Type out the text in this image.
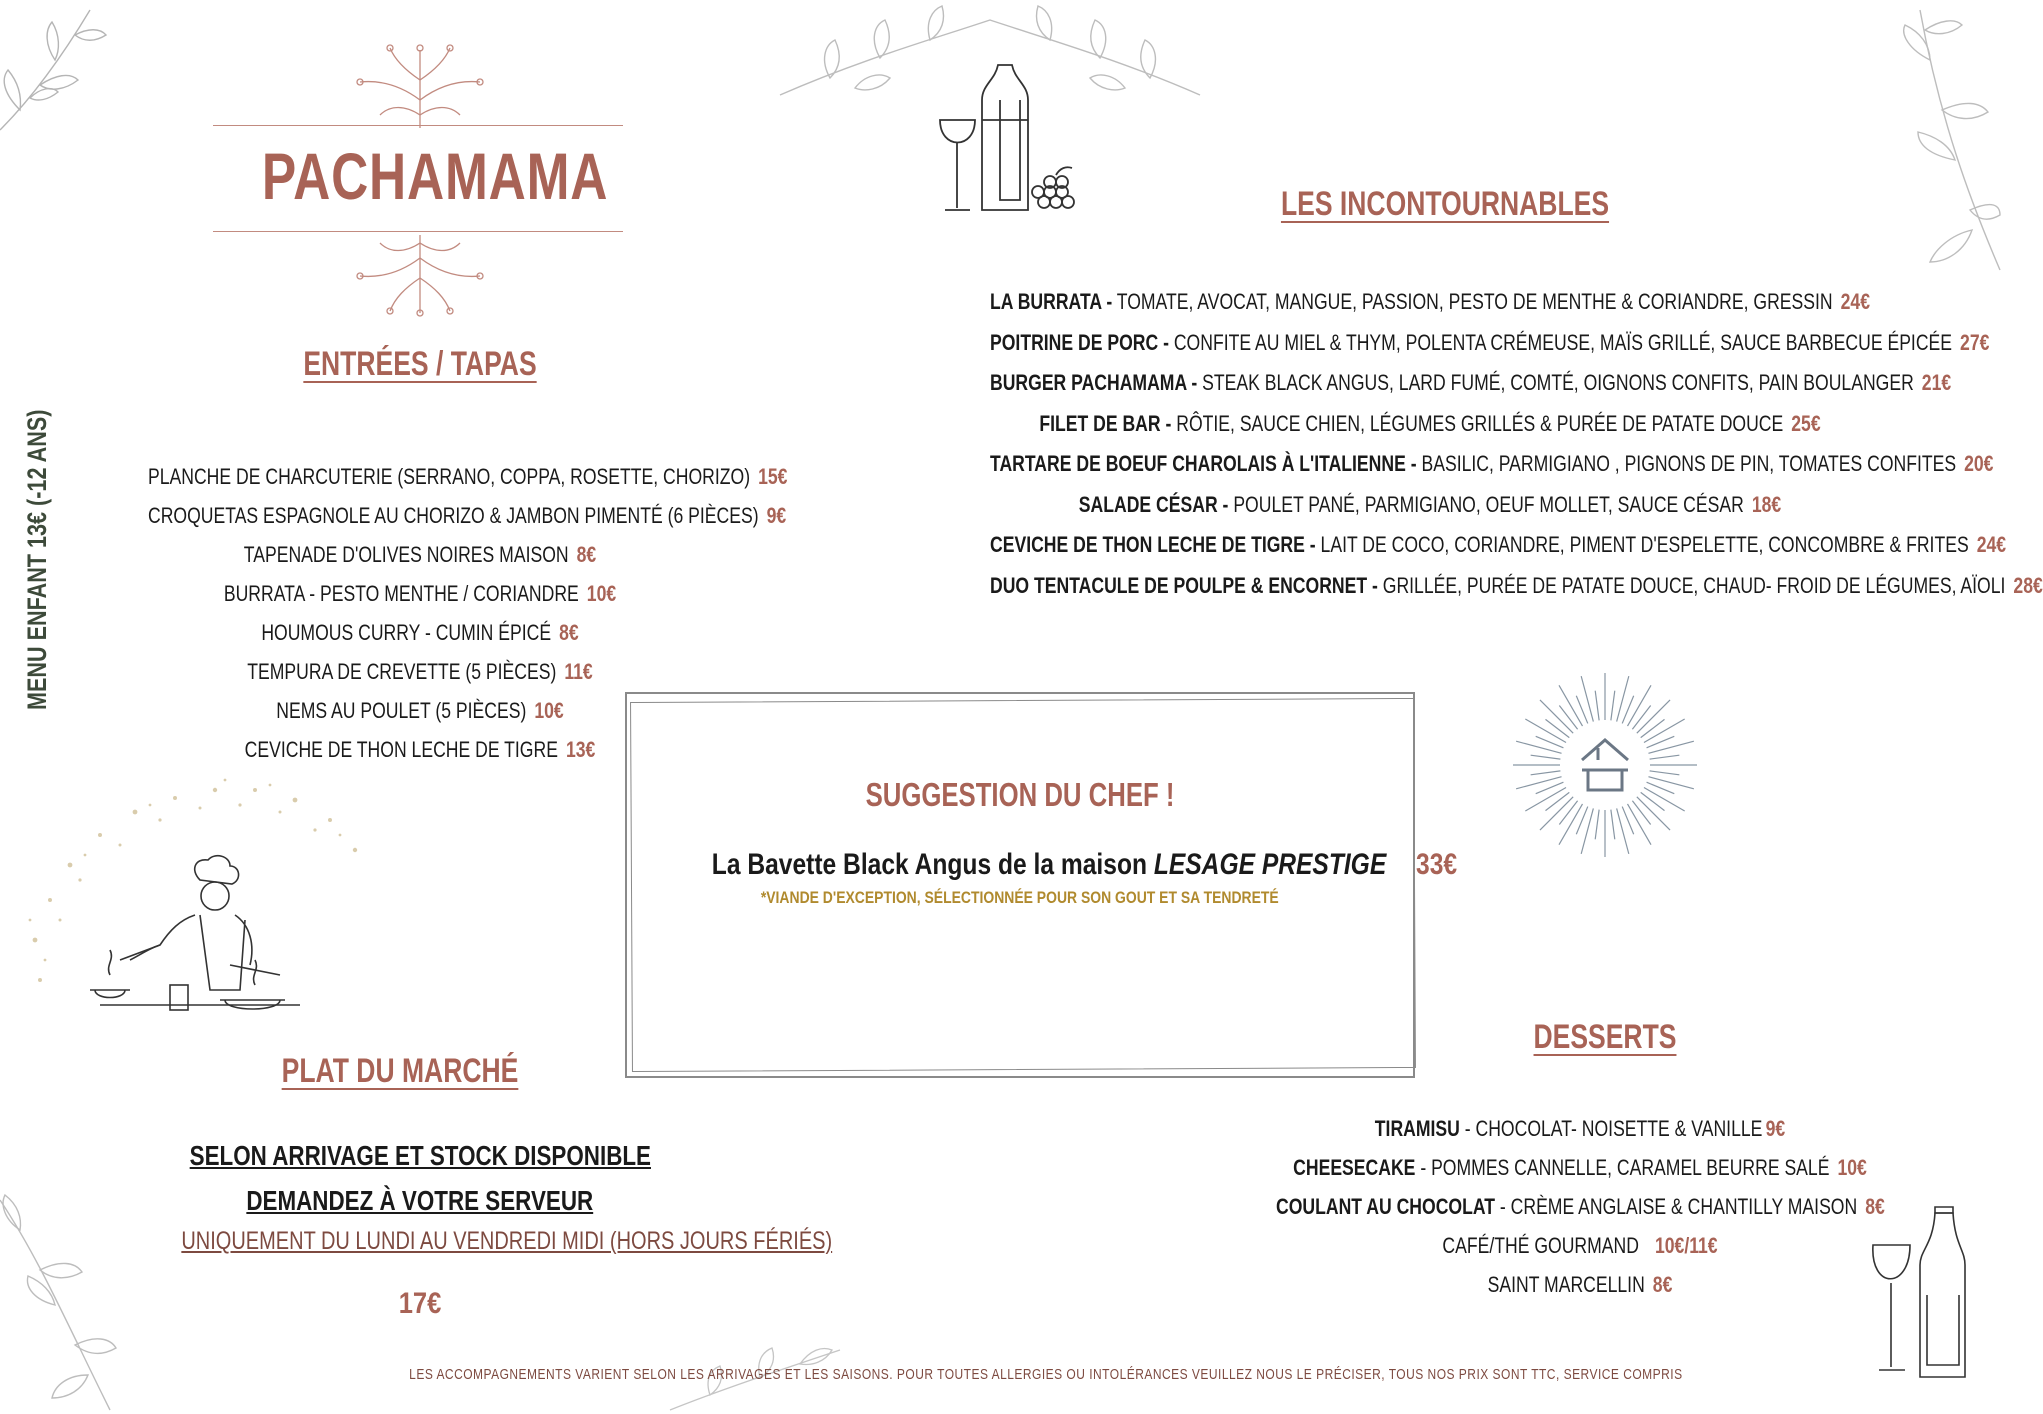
PACHAMAMA
MENU ENFANT 13€ (-12 ANS)
ENTRÉES / TAPAS
PLANCHE DE CHARCUTERIE (SERRANO, COPPA, ROSETTE, CHORIZO) 15€
CROQUETAS ESPAGNOLE AU CHORIZO & JAMBON PIMENTÉ (6 PIÈCES) 9€
TAPENADE D'OLIVES NOIRES MAISON 8€
BURRATA - PESTO MENTHE / CORIANDRE 10€
HOUMOUS CURRY - CUMIN ÉPICÉ 8€
TEMPURA DE CREVETTE (5 PIÈCES) 11€
NEMS AU POULET (5 PIÈCES) 10€
CEVICHE DE THON LECHE DE TIGRE 13€
PLAT DU MARCHÉ
SELON ARRIVAGE ET STOCK DISPONIBLE
DEMANDEZ À VOTRE SERVEUR
UNIQUEMENT DU LUNDI AU VENDREDI MIDI (HORS JOURS FÉRIÉS)
17€
LES INCONTOURNABLES
LA BURRATA - TOMATE, AVOCAT, MANGUE, PASSION, PESTO DE MENTHE & CORIANDRE, GRESSIN 24€
POITRINE DE PORC - CONFITE AU MIEL & THYM, POLENTA CRÉMEUSE, MAÏS GRILLÉ, SAUCE BARBECUE ÉPICÉE 27€
BURGER PACHAMAMA - STEAK BLACK ANGUS, LARD FUMÉ, COMTÉ, OIGNONS CONFITS, PAIN BOULANGER 21€
FILET DE BAR - RÔTIE, SAUCE CHIEN, LÉGUMES GRILLÉS & PURÉE DE PATATE DOUCE 25€
TARTARE DE BOEUF CHAROLAIS À L'ITALIENNE - BASILIC, PARMIGIANO , PIGNONS DE PIN, TOMATES CONFITES 20€
SALADE CÉSAR - POULET PANÉ, PARMIGIANO, OEUF MOLLET, SAUCE CÉSAR 18€
CEVICHE DE THON LECHE DE TIGRE - LAIT DE COCO, CORIANDRE, PIMENT D'ESPELETTE, CONCOMBRE & FRITES 24€
DUO TENTACULE DE POULPE & ENCORNET - GRILLÉE, PURÉE DE PATATE DOUCE, CHAUD- FROID DE LÉGUMES, AÏOLI 28€
SUGGESTION DU CHEF !
La Bavette Black Angus de la maison LESAGE PRESTIGE 33€
*VIANDE D'EXCEPTION, SÉLECTIONNÉE POUR SON GOUT ET SA TENDRETÉ
DESSERTS
TIRAMISU - CHOCOLAT- NOISETTE & VANILLE 9€
CHEESECAKE - POMMES CANNELLE, CARAMEL BEURRE SALÉ 10€
COULANT AU CHOCOLAT - CRÈME ANGLAISE & CHANTILLY MAISON 8€
CAFÉ/THÉ GOURMAND 10€/11€
SAINT MARCELLIN 8€
LES ACCOMPAGNEMENTS VARIENT SELON LES ARRIVAGES ET LES SAISONS. POUR TOUTES ALLERGIES OU INTOLÉRANCES VEUILLEZ NOUS LE PRÉCISER, TOUS NOS PRIX SONT TTC, SERVICE COMPRIS
